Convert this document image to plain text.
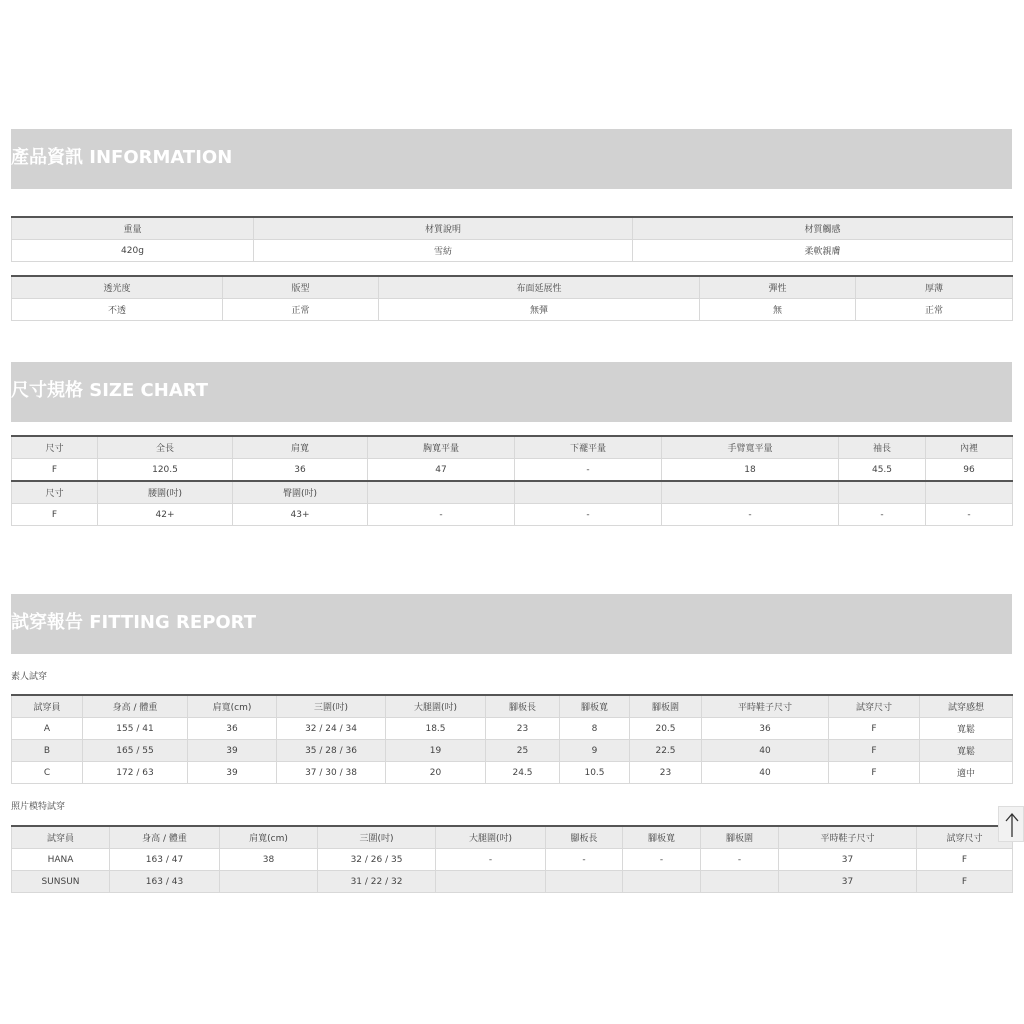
產品資訊 INFORMATION
重量	材質說明	材質觸感
420g	雪紡	柔軟親膚
透光度	版型	布面延展性	彈性	厚薄
不透	正常	無彈	無	正常
尺寸規格 SIZE CHART
尺寸	全長	肩寬	胸寬平量	下襬平量	手臂寬平量	袖長	內裡
F	120.5	36	47	-	18	45.5	96
尺寸	腰圍(吋)	臀圍(吋)					
F	42+	43+	-	-	-	-	-
試穿報告 FITTING REPORT
素人試穿
試穿員	身高 / 體重	肩寬(cm)	三圍(吋)	大腿圍(吋)	腳板長	腳板寬	腳板圍	平時鞋子尺寸	試穿尺寸	試穿感想
A	155 / 41	36	32 / 24 / 34	18.5	23	8	20.5	36	F	寬鬆
B	165 / 55	39	35 / 28 / 36	19	25	9	22.5	40	F	寬鬆
C	172 / 63	39	37 / 30 / 38	20	24.5	10.5	23	40	F	適中
照片模特試穿
試穿員	身高 / 體重	肩寬(cm)	三圍(吋)	大腿圍(吋)	腳板長	腳板寬	腳板圍	平時鞋子尺寸	試穿尺寸
HANA	163 / 47	38	32 / 26 / 35	-	-	-	-	37	F
SUNSUN	163 / 43		31 / 22 / 32					37	F
